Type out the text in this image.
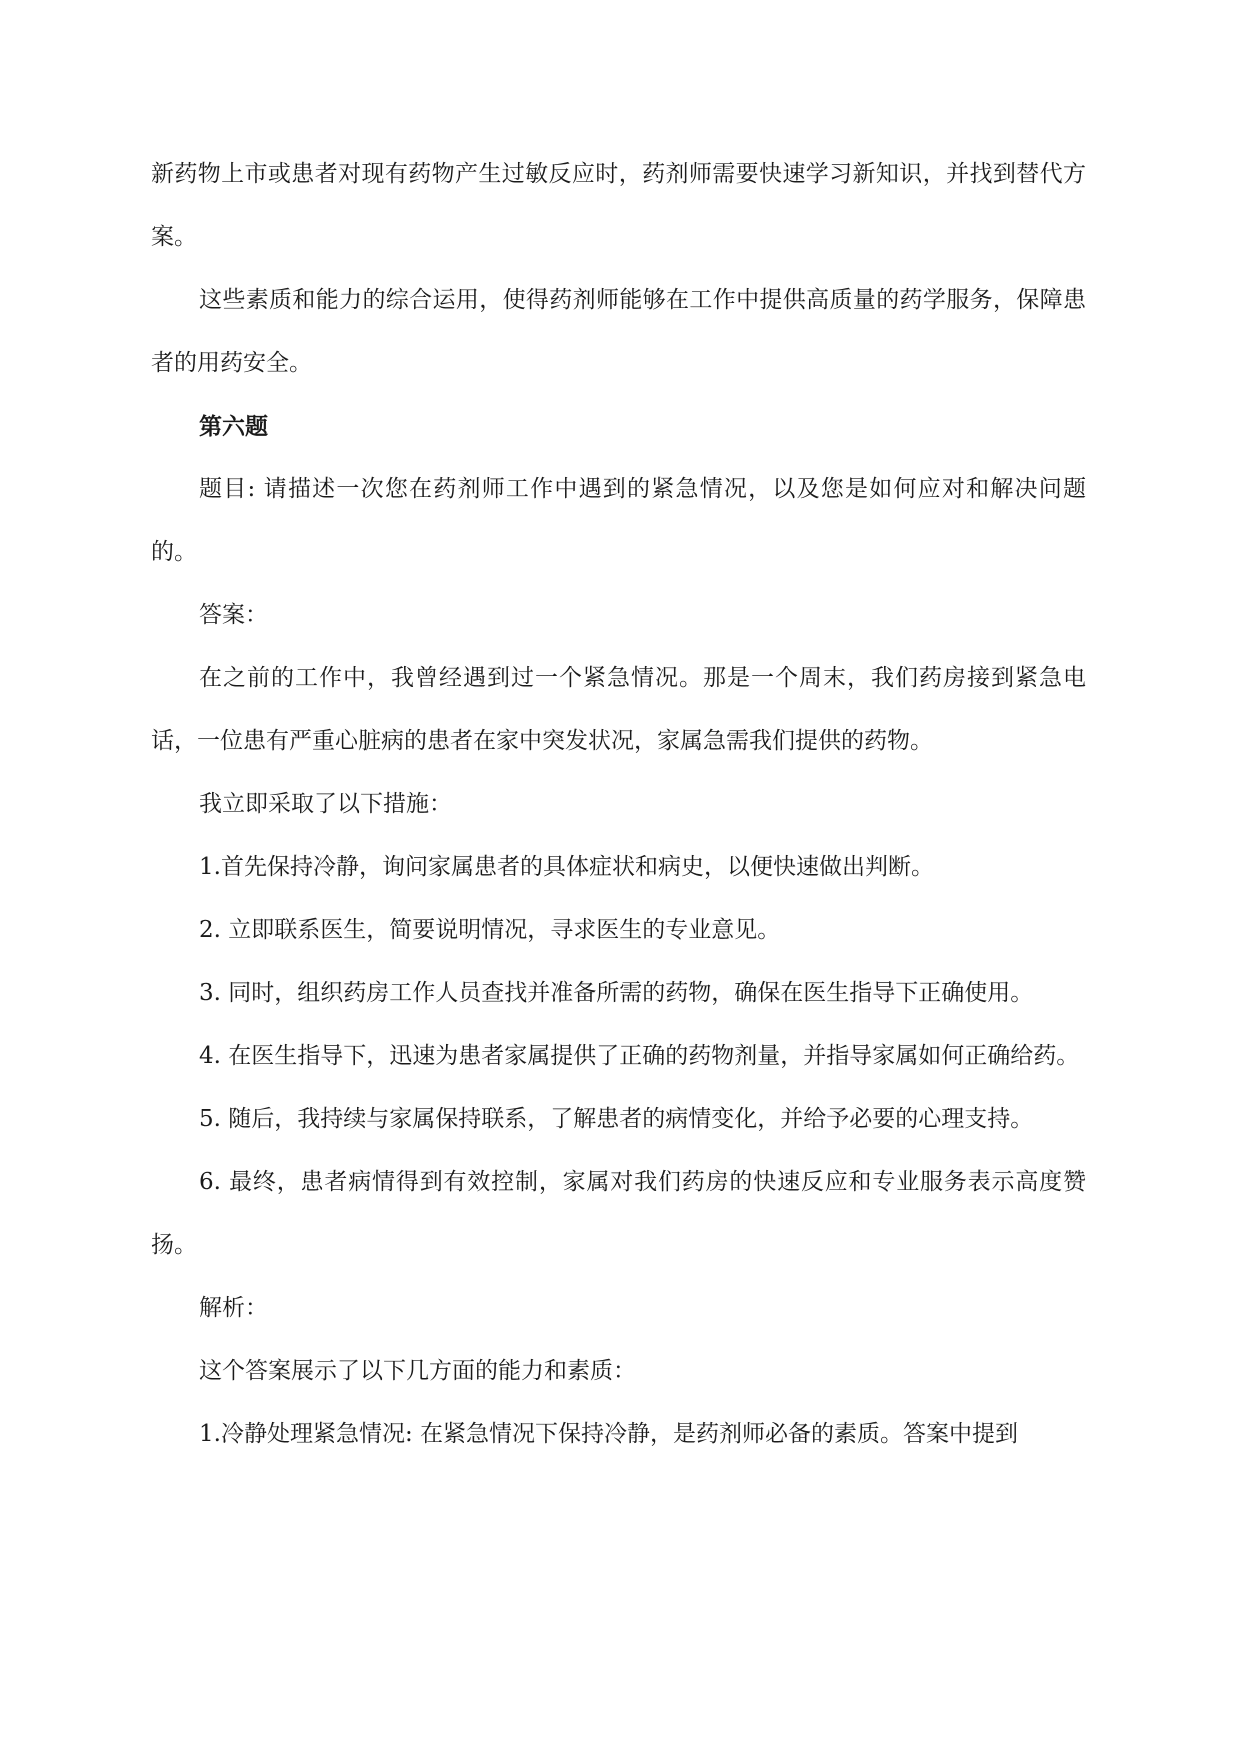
新药物上市或患者对现有药物产生过敏反应时，药剂师需要快速学习新知识，并找到替代方案。

这些素质和能力的综合运用，使得药剂师能够在工作中提供高质量的药学服务，保障患者的用药安全。

第六题

题目: 请描述一次您在药剂师工作中遇到的紧急情况，以及您是如何应对和解决问题的。

答案：

在之前的工作中，我曾经遇到过一个紧急情况。那是一个周末，我们药房接到紧急电话，一位患有严重心脏病的患者在家中突发状况，家属急需我们提供的药物。

我立即采取了以下措施：

1.首先保持冷静，询问家属患者的具体症状和病史，以便快速做出判断。

2. 立即联系医生，简要说明情况，寻求医生的专业意见。

3. 同时，组织药房工作人员查找并准备所需的药物，确保在医生指导下正确使用。

4. 在医生指导下，迅速为患者家属提供了正确的药物剂量，并指导家属如何正确给药。

5. 随后，我持续与家属保持联系，了解患者的病情变化，并给予必要的心理支持。

6. 最终，患者病情得到有效控制，家属对我们药房的快速反应和专业服务表示高度赞扬。

解析：

这个答案展示了以下几方面的能力和素质：

1.冷静处理紧急情况: 在紧急情况下保持冷静，是药剂师必备的素质。答案中提到
